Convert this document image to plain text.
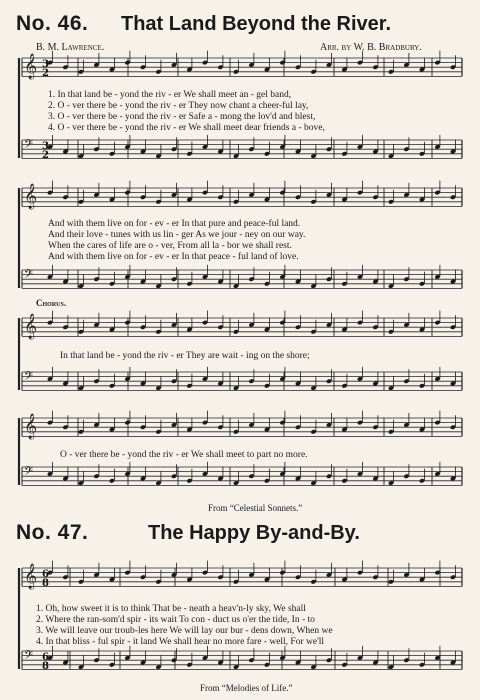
𝄞
𝄢
𝄞
𝄢
𝄞
𝄢
𝄞
𝄢
𝄞
𝄢
3
2
3
2
6
8
6
8
No. 46. That Land Beyond the River.
B. M. Lawrence.	Arr. by W. B. Bradbury.
1. In that land be - yond the riv - er We shall meet an - gel band,
2. O - ver there be - yond the riv - er They now chant a cheer-ful lay,
3. O - ver there be - yond the riv - er Safe a - mong the lov'd and blest,
4. O - ver there be - yond the riv - er We shall meet dear friends a - bove,
And with them live on for - ev - er In that pure and peace-ful land.
And their love - tunes with us lin - ger As we jour - ney on our way.
When the cares of life are o - ver, From all la - bor we shall rest.
And with them live on for - ev - er In that peace - ful land of love.
Chorus.
In that land be - yond the riv - er They are wait - ing on the shore;
O - ver there be - yond the riv - er We shall meet to part no more.
From “Celestial Sonnets.”
No. 47.	The Happy By-and-By.
1. Oh, how sweet it is to think That be - neath a heav'n-ly sky, We shall
2. Where the ran-som'd spir - its wait To con - duct us o'er the tide, In - to
3. We will leave our troub-les here We will lay our bur - dens down, When we
4. In that bliss - ful spir - it land We shall hear no more fare - well, For we'll
From “Melodies of Life.”
